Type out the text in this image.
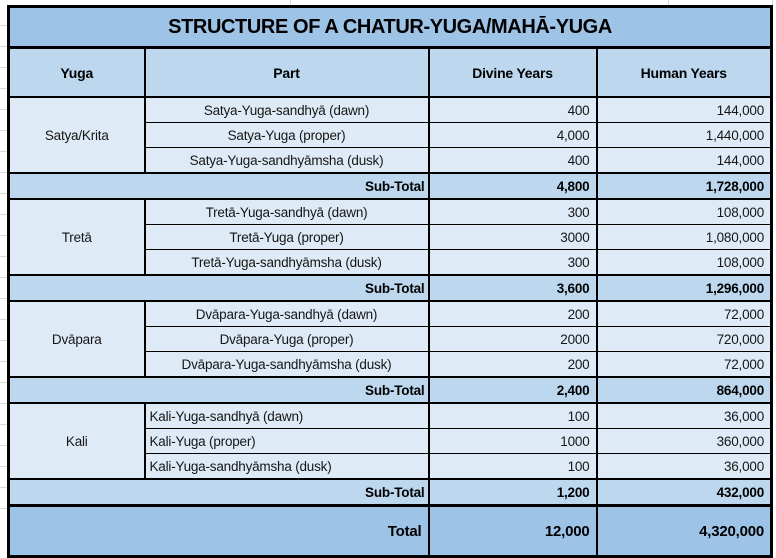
STRUCTURE OF A CHATUR-YUGA/MAHĀ-YUGA			
Yuga	Part	Divine Years	Human Years
Satya/Krita	Satya-Yuga-sandhyā (dawn)	400	144,000
	Satya-Yuga (proper)	4,000	1,440,000
	Satya-Yuga-sandhyāmsha (dusk)	400	144,000
Sub-Total		4,800	1,728,000
Tretā	Tretā-Yuga-sandhyā (dawn)	300	108,000
	Tretā-Yuga (proper)	3000	1,080,000
	Tretā-Yuga-sandhyāmsha (dusk)	300	108,000
Sub-Total		3,600	1,296,000
Dvāpara	Dvāpara-Yuga-sandhyā (dawn)	200	72,000
	Dvāpara-Yuga (proper)	2000	720,000
	Dvāpara-Yuga-sandhyāmsha (dusk)	200	72,000
Sub-Total		2,400	864,000
Kali	Kali-Yuga-sandhyā (dawn)	100	36,000
	Kali-Yuga (proper)	1000	360,000
	Kali-Yuga-sandhyāmsha (dusk)	100	36,000
Sub-Total		1,200	432,000
Total		12,000	4,320,000
